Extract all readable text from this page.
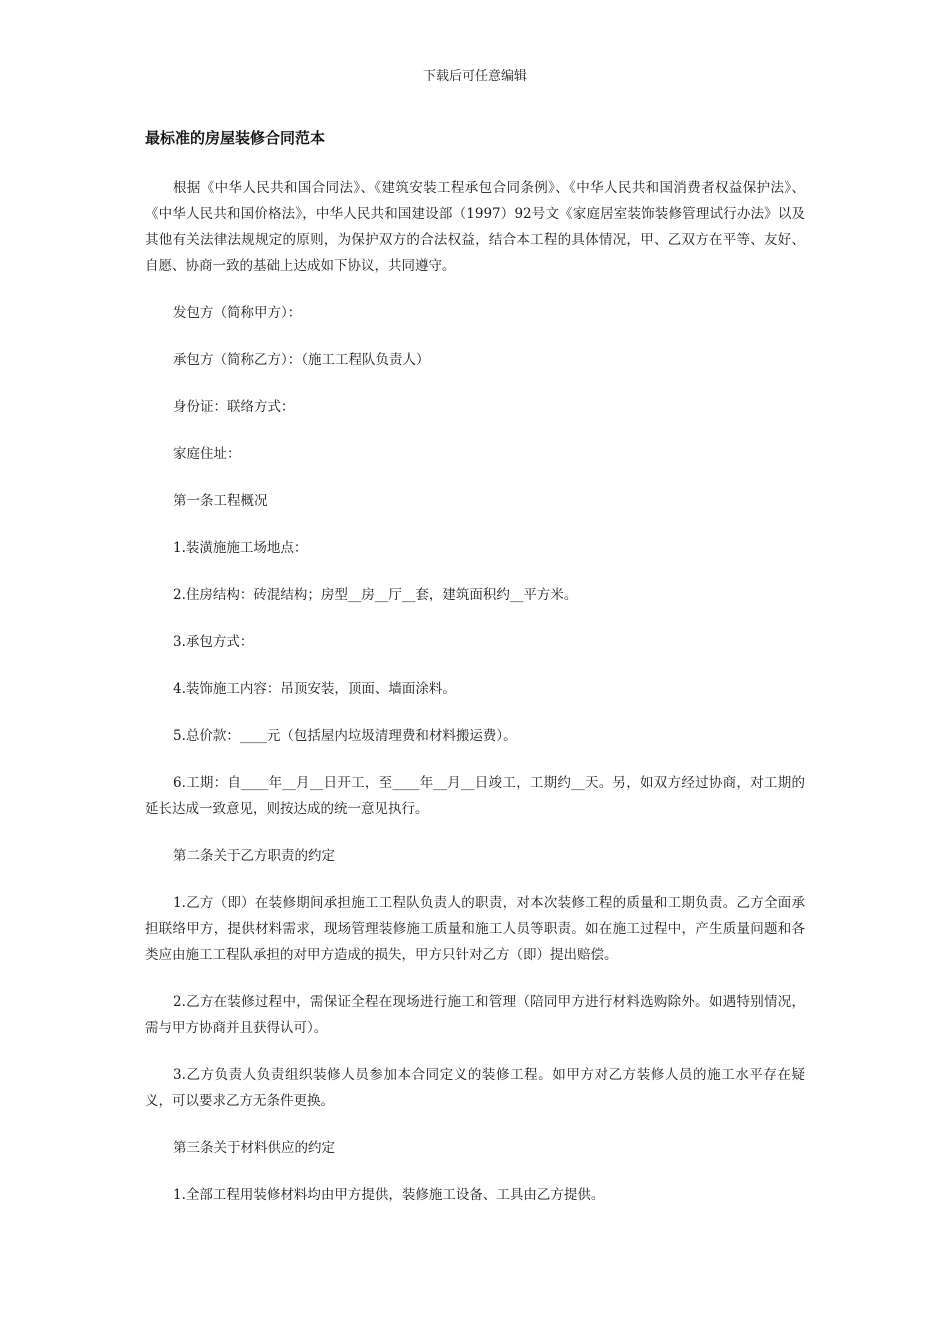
下载后可任意编辑
最标准的房屋装修合同范本

根据《中华人民共和国合同法》、《建筑安装工程承包合同条例》、《中华人民共和国消费者权益保护法》、《中华人民共和国价格法》，中华人民共和国建设部（1997）92号文《家庭居室装饰装修管理试行办法》以及其他有关法律法规规定的原则，为保护双方的合法权益，结合本工程的具体情况，甲、乙双方在平等、友好、自愿、协商一致的基础上达成如下协议，共同遵守。

发包方（简称甲方）：

承包方（简称乙方）：（施工工程队负责人）

身份证：联络方式：

家庭住址：

第一条工程概况

1.装潢施施工场地点：

2.住房结构：砖混结构；房型__房__厅__套，建筑面积约__平方米。

3.承包方式：

4.装饰施工内容：吊顶安装，顶面、墙面涂料。

5.总价款：____元（包括屋内垃圾清理费和材料搬运费）。

6.工期：自____年__月__日开工，至____年__月__日竣工，工期约__天。另，如双方经过协商，对工期的延长达成一致意见，则按达成的统一意见执行。

第二条关于乙方职责的约定

1.乙方（即）在装修期间承担施工工程队负责人的职责，对本次装修工程的质量和工期负责。乙方全面承担联络甲方，提供材料需求，现场管理装修施工质量和施工人员等职责。如在施工过程中，产生质量问题和各类应由施工工程队承担的对甲方造成的损失，甲方只针对乙方（即）提出赔偿。

2.乙方在装修过程中，需保证全程在现场进行施工和管理（陪同甲方进行材料选购除外。如遇特别情况，需与甲方协商并且获得认可）。

3.乙方负责人负责组织装修人员参加本合同定义的装修工程。如甲方对乙方装修人员的施工水平存在疑义，可以要求乙方无条件更换。

第三条关于材料供应的约定

1.全部工程用装修材料均由甲方提供，装修施工设备、工具由乙方提供。
